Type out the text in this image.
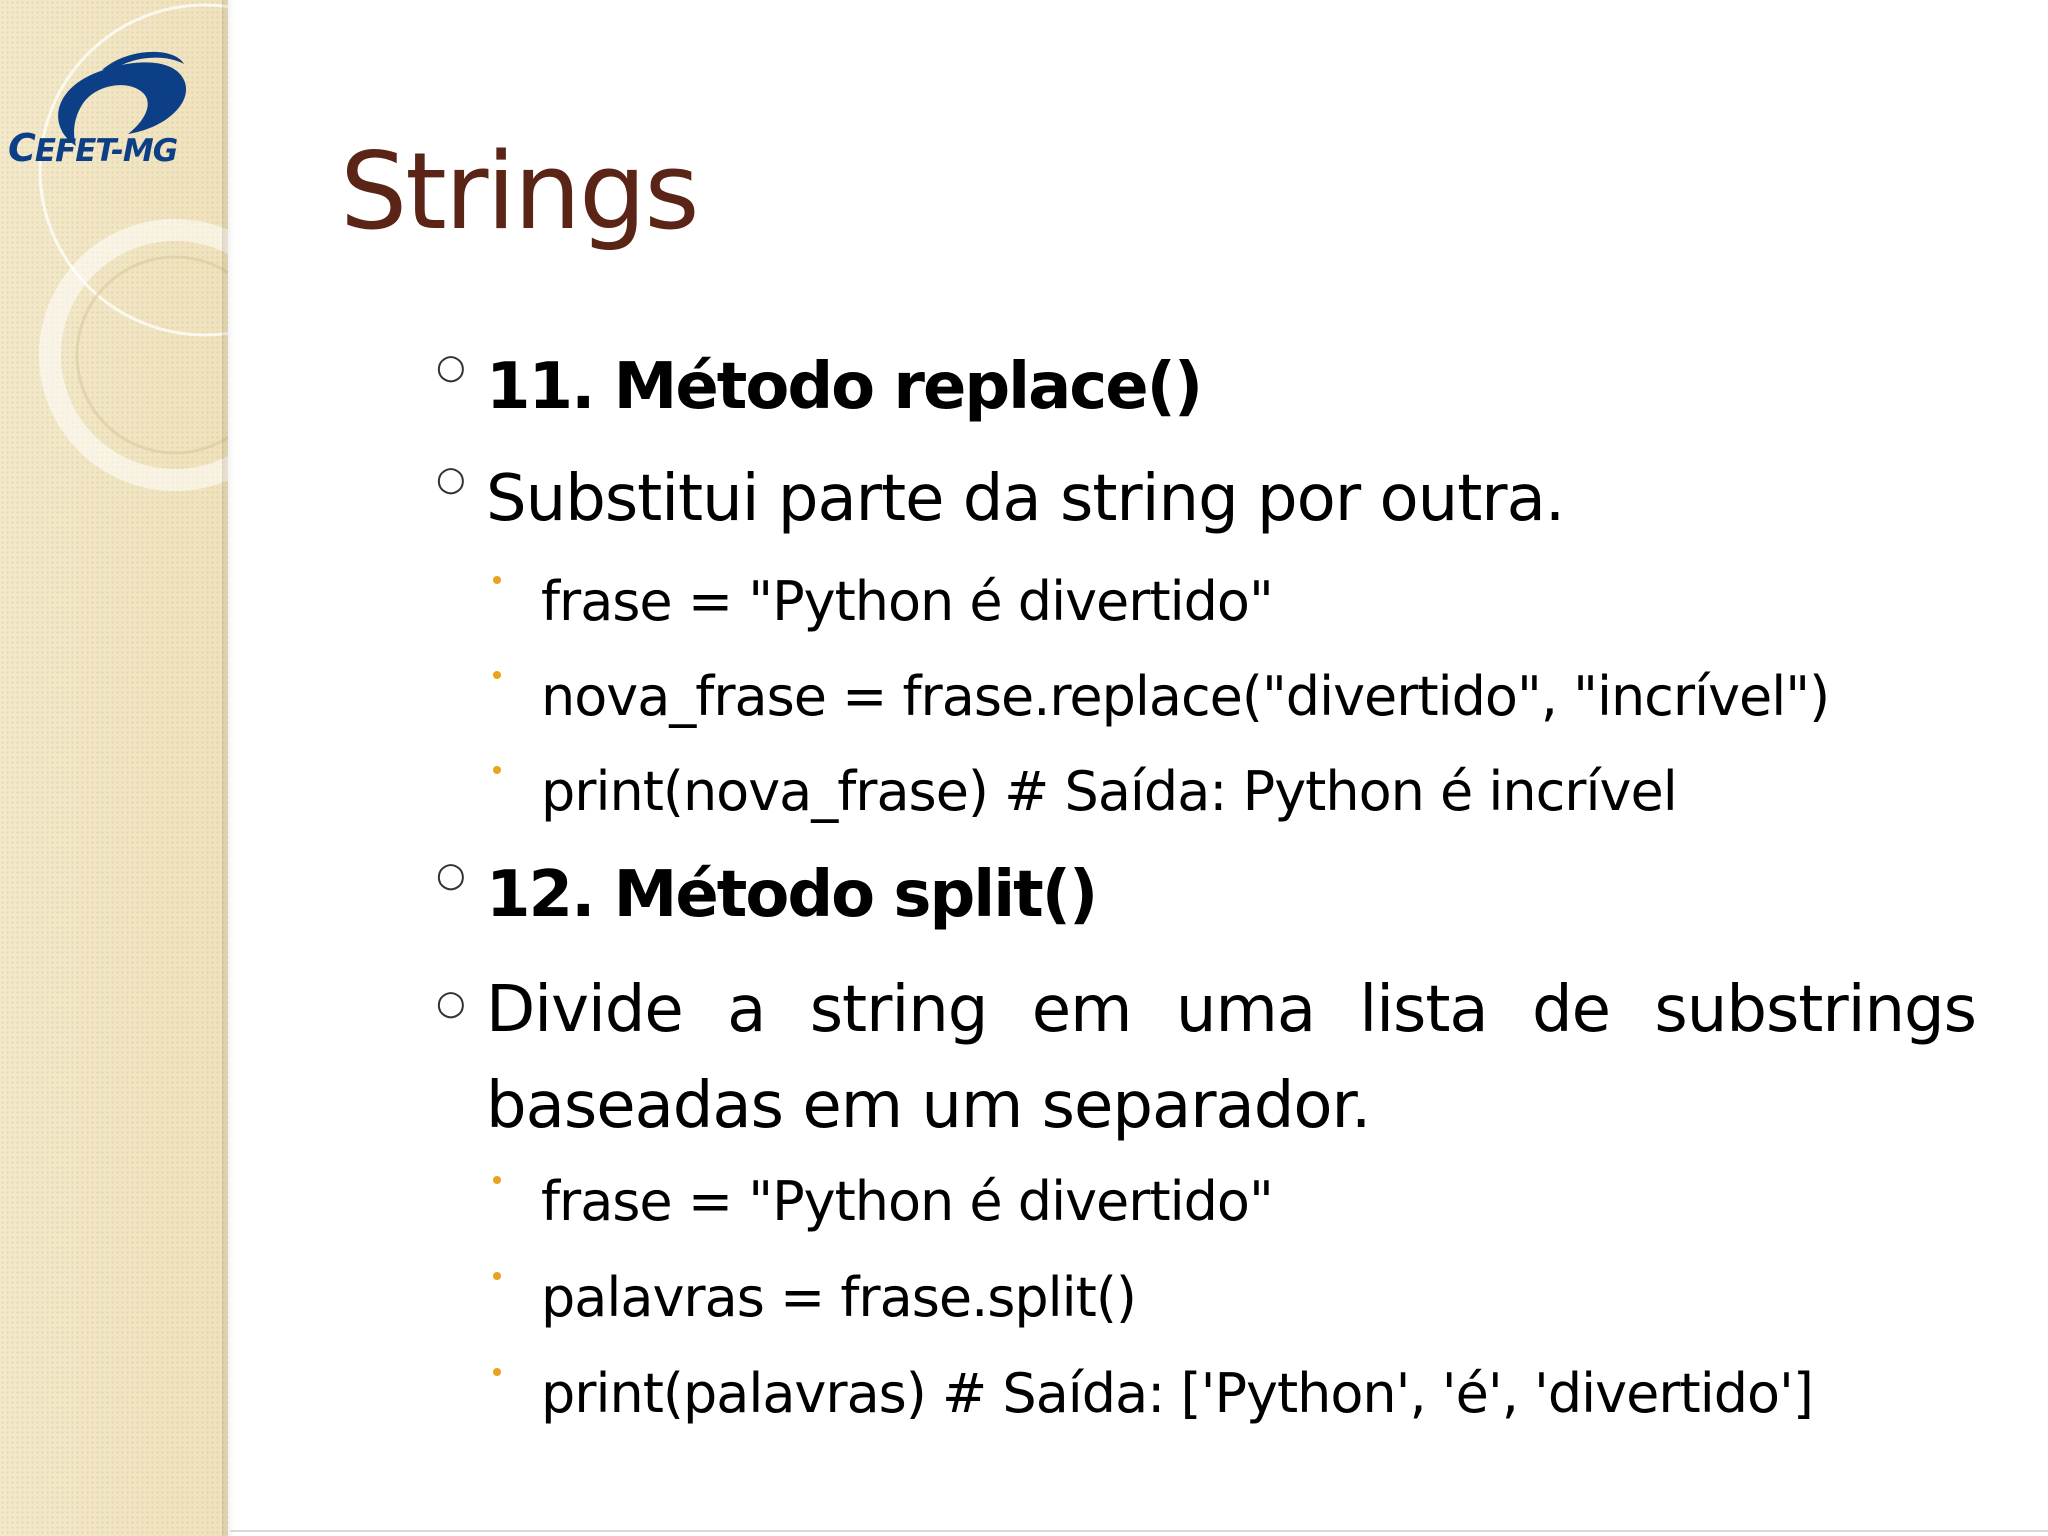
CEFET-MG Strings
○ 11. Método replace()
○ Substitui parte da string por outra.
frase = "Python é divertido"
nova_frase = frase.replace("divertido", "incrível")
print(nova_frase) # Saída: Python é incrível
○ 12. Método split()
○ Divide a string em uma lista de substrings baseadas em um separador.
frase = "Python é divertido"
palavras = frase.split()
print(palavras) # Saída: ['Python', 'é', 'divertido']
